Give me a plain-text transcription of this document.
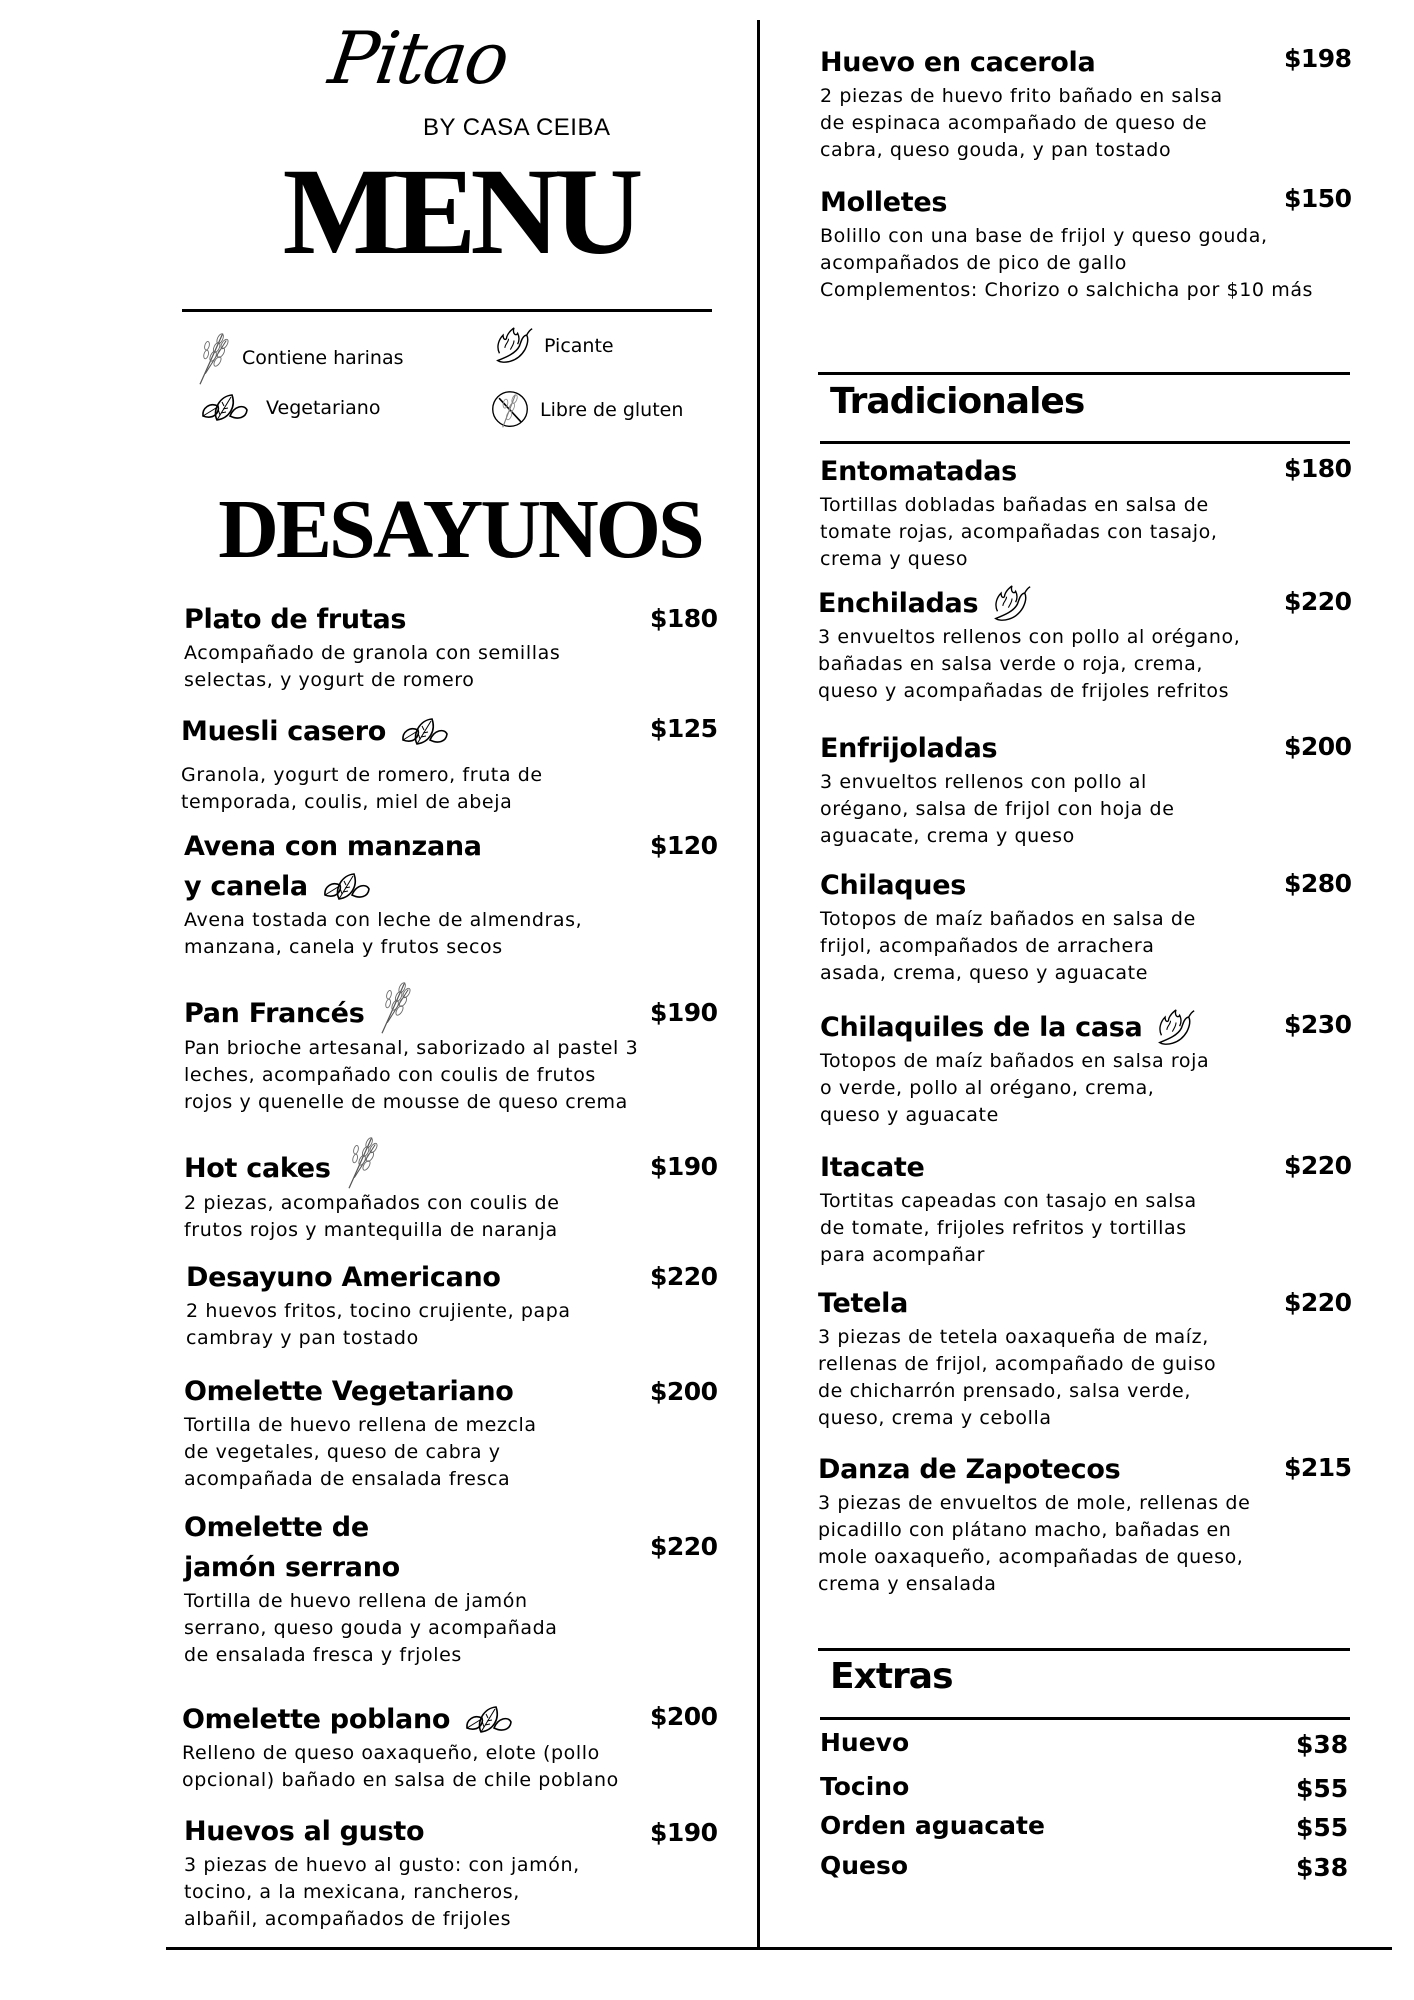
Pitao
BY CASA CEIBA
MENU
Contiene harinas
Picante
Vegetariano	Libre de gluten
DESAYUNOS
Plato de frutas
Acompañado de granola con semillas
selectas, y yogurt de romero
$180
Muesli casero
Granola, yogurt de romero, fruta de
temporada, coulis, miel de abeja
$125
Avena con manzana
y canela
Avena tostada con leche de almendras,
manzana, canela y frutos secos
$120
Pan Francés
Pan brioche artesanal, saborizado al pastel 3
leches, acompañado con coulis de frutos
rojos y quenelle de mousse de queso crema
$190
Hot cakes
2 piezas, acompañados con coulis de
frutos rojos y mantequilla de naranja
$190
Desayuno Americano
2 huevos fritos, tocino crujiente, papa
cambray y pan tostado
$220
Omelette Vegetariano
Tortilla de huevo rellena de mezcla
de vegetales, queso de cabra y
acompañada de ensalada fresca
$200
Omelette de
jamón serrano
Tortilla de huevo rellena de jamón
serrano, queso gouda y acompañada
de ensalada fresca y frjoles
$220
Omelette poblano
Relleno de queso oaxaqueño, elote (pollo
opcional) bañado en salsa de chile poblano
$200
Huevos al gusto
3 piezas de huevo al gusto: con jamón,
tocino, a la mexicana, rancheros,
albañil, acompañados de frijoles
$190
Huevo en cacerola
2 piezas de huevo frito bañado en salsa
de espinaca acompañado de queso de
cabra, queso gouda, y pan tostado
$198
Molletes
Bolillo con una base de frijol y queso gouda,
acompañados de pico de gallo
Complementos: Chorizo o salchicha por $10 más
$150
Tradicionales
Entomatadas
Tortillas dobladas bañadas en salsa de
tomate rojas, acompañadas con tasajo,
crema y queso
$180
Enchiladas
3 envueltos rellenos con pollo al orégano,
bañadas en salsa verde o roja, crema,
queso y acompañadas de frijoles refritos
$220
Enfrijoladas
3 envueltos rellenos con pollo al
orégano, salsa de frijol con hoja de
aguacate, crema y queso
$200
Chilaques
Totopos de maíz bañados en salsa de
frijol, acompañados de arrachera
asada, crema, queso y aguacate
$280
Chilaquiles de la casa
Totopos de maíz bañados en salsa roja
o verde, pollo al orégano, crema,
queso y aguacate
$230
Itacate
Tortitas capeadas con tasajo en salsa
de tomate, frijoles refritos y tortillas
para acompañar
$220
Tetela
3 piezas de tetela oaxaqueña de maíz,
rellenas de frijol, acompañado de guiso
de chicharrón prensado, salsa verde,
queso, crema y cebolla
$220
Danza de Zapotecos
3 piezas de envueltos de mole, rellenas de
picadillo con plátano macho, bañadas en
mole oaxaqueño, acompañadas de queso,
crema y ensalada
$215
Extras
Huevo	$38
Tocino	$55
Orden aguacate	$55
Queso	$38
